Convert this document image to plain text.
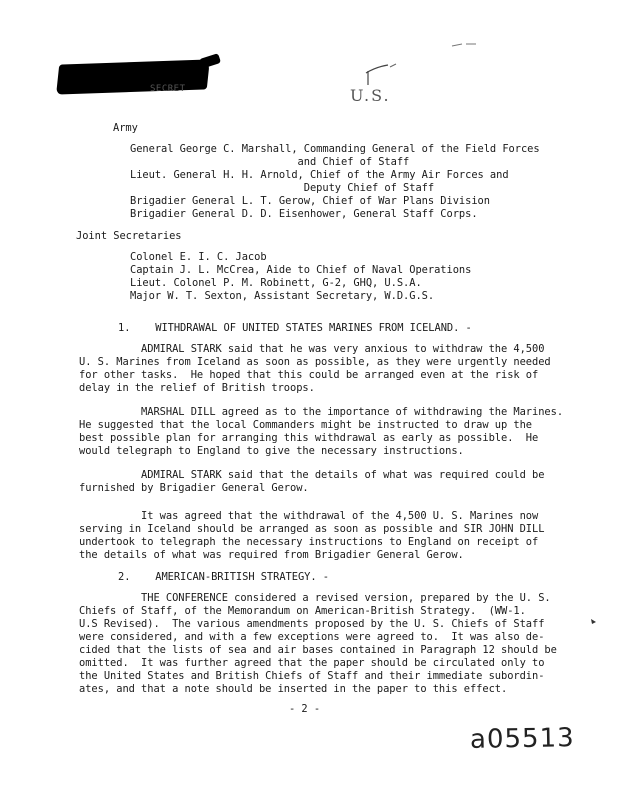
SECRET	U.S.
Army
General George C. Marshall, Commanding General of the Field Forces
and Chief of Staff
Lieut. General H. H. Arnold, Chief of the Army Air Forces and
Deputy Chief of Staff
Brigadier General L. T. Gerow, Chief of War Plans Division
Brigadier General D. D. Eisenhower, General Staff Corps.
Joint Secretaries
Colonel E. I. C. Jacob
Captain J. L. McCrea, Aide to Chief of Naval Operations
Lieut. Colonel P. M. Robinett, G-2, GHQ, U.S.A.
Major W. T. Sexton, Assistant Secretary, W.D.G.S.
1.    WITHDRAWAL OF UNITED STATES MARINES FROM ICELAND. -
ADMIRAL STARK said that he was very anxious to withdraw the 4,500
U. S. Marines from Iceland as soon as possible, as they were urgently needed
for other tasks.  He hoped that this could be arranged even at the risk of
delay in the relief of British troops.
MARSHAL DILL agreed as to the importance of withdrawing the Marines.
He suggested that the local Commanders might be instructed to draw up the
best possible plan for arranging this withdrawal as early as possible.  He
would telegraph to England to give the necessary instructions.
ADMIRAL STARK said that the details of what was required could be
furnished by Brigadier General Gerow.
It was agreed that the withdrawal of the 4,500 U. S. Marines now
serving in Iceland should be arranged as soon as possible and SIR JOHN DILL
undertook to telegraph the necessary instructions to England on receipt of
the details of what was required from Brigadier General Gerow.
2.    AMERICAN-BRITISH STRATEGY. -
THE CONFERENCE considered a revised version, prepared by the U. S.
Chiefs of Staff, of the Memorandum on American-British Strategy.  (WW-1.
U.S Revised).  The various amendments proposed by the U. S. Chiefs of Staff
were considered, and with a few exceptions were agreed to.  It was also de-
cided that the lists of sea and air bases contained in Paragraph 12 should be
omitted.  It was further agreed that the paper should be circulated only to
the United States and British Chiefs of Staff and their immediate subordin-
ates, and that a note should be inserted in the paper to this effect.
- 2 -
a05513
